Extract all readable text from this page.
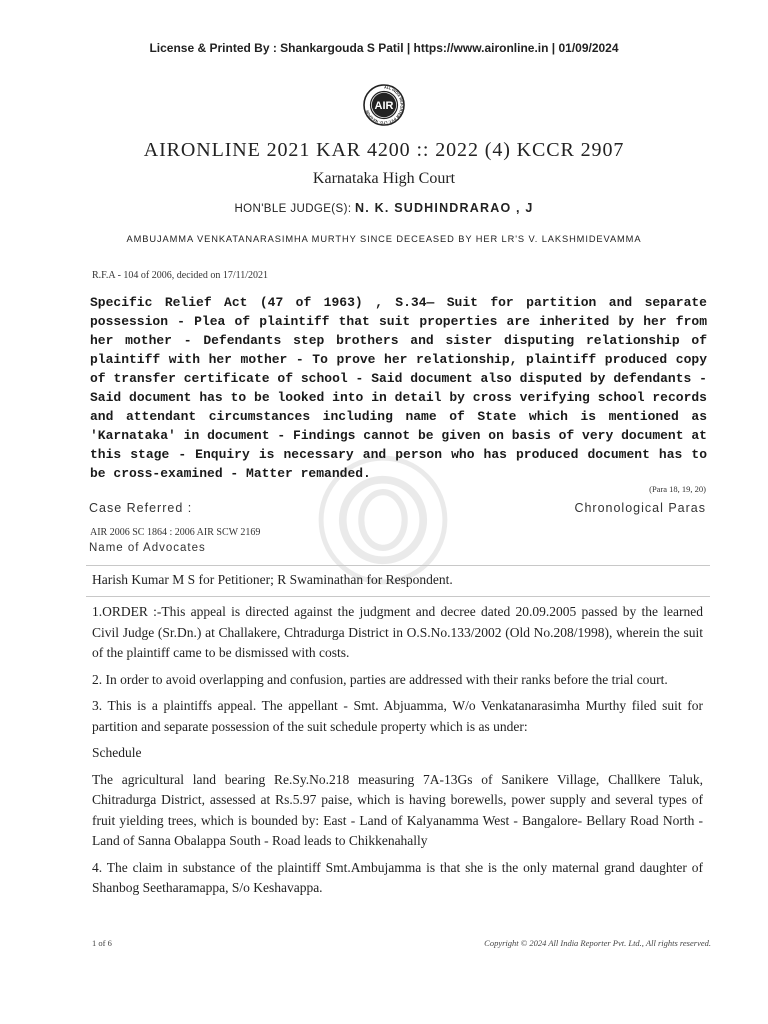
License & Printed By : Shankargouda S Patil | https://www.aironline.in | 01/09/2024
AIR
ALL INDIA REPORTER PVT. LTD. NAGPUR
AIRONLINE 2021 KAR 4200 :: 2022 (4) KCCR 2907
Karnataka High Court
HON'BLE JUDGE(S): N. K. SUDHINDRARAO , J
AMBUJAMMA VENKATANARASIMHA MURTHY SINCE DECEASED BY HER LR'S V. LAKSHMIDEVAMMA
R.F.A - 104 of 2006, decided on 17/11/2021
Specific Relief Act (47 of 1963) , S.34— Suit for partition and separate possession - Plea of plaintiff that suit properties are inherited by her from her mother - Defendants step brothers and sister disputing relationship of plaintiff with her mother - To prove her relationship, plaintiff produced copy of transfer certificate of school - Said document also disputed by defendants - Said document has to be looked into in detail by cross verifying school records and attendant circumstances including name of State which is mentioned as 'Karnataka' in document - Findings cannot be given on basis of very document at this stage - Enquiry is necessary and person who has produced document has to be cross-examined - Matter remanded.
(Para 18, 19, 20)
Case Referred :	Chronological Paras
AIR 2006 SC 1864 : 2006 AIR SCW 2169
Name of Advocates
Harish Kumar M S for Petitioner; R Swaminathan for Respondent.

1.ORDER :-This appeal is directed against the judgment and decree dated 20.09.2005 passed by the learned Civil Judge (Sr.Dn.) at Challakere, Chtradurga District in O.S.No.133/2002 (Old No.208/1998), wherein the suit of the plaintiff came to be dismissed with costs.

2. In order to avoid overlapping and confusion, parties are addressed with their ranks before the trial court.

3. This is a plaintiffs appeal. The appellant - Smt. Abjuamma, W/o Venkatanarasimha Murthy filed suit for partition and separate possession of the suit schedule property which is as under:

Schedule

The agricultural land bearing Re.Sy.No.218 measuring 7A-13Gs of Sanikere Village, Challkere Taluk, Chitradurga District, assessed at Rs.5.97 paise, which is having borewells, power supply and several types of fruit yielding trees, which is bounded by: East - Land of Kalyanamma West - Bangalore- Bellary Road North - Land of Sanna Obalappa South - Road leads to Chikkenahally

4. The claim in substance of the plaintiff Smt.Ambujamma is that she is the only maternal grand daughter of Shanbog Seetharamappa, S/o Keshavappa.

1 of 6	Copyright © 2024 All India Reporter Pvt. Ltd., All rights reserved.
